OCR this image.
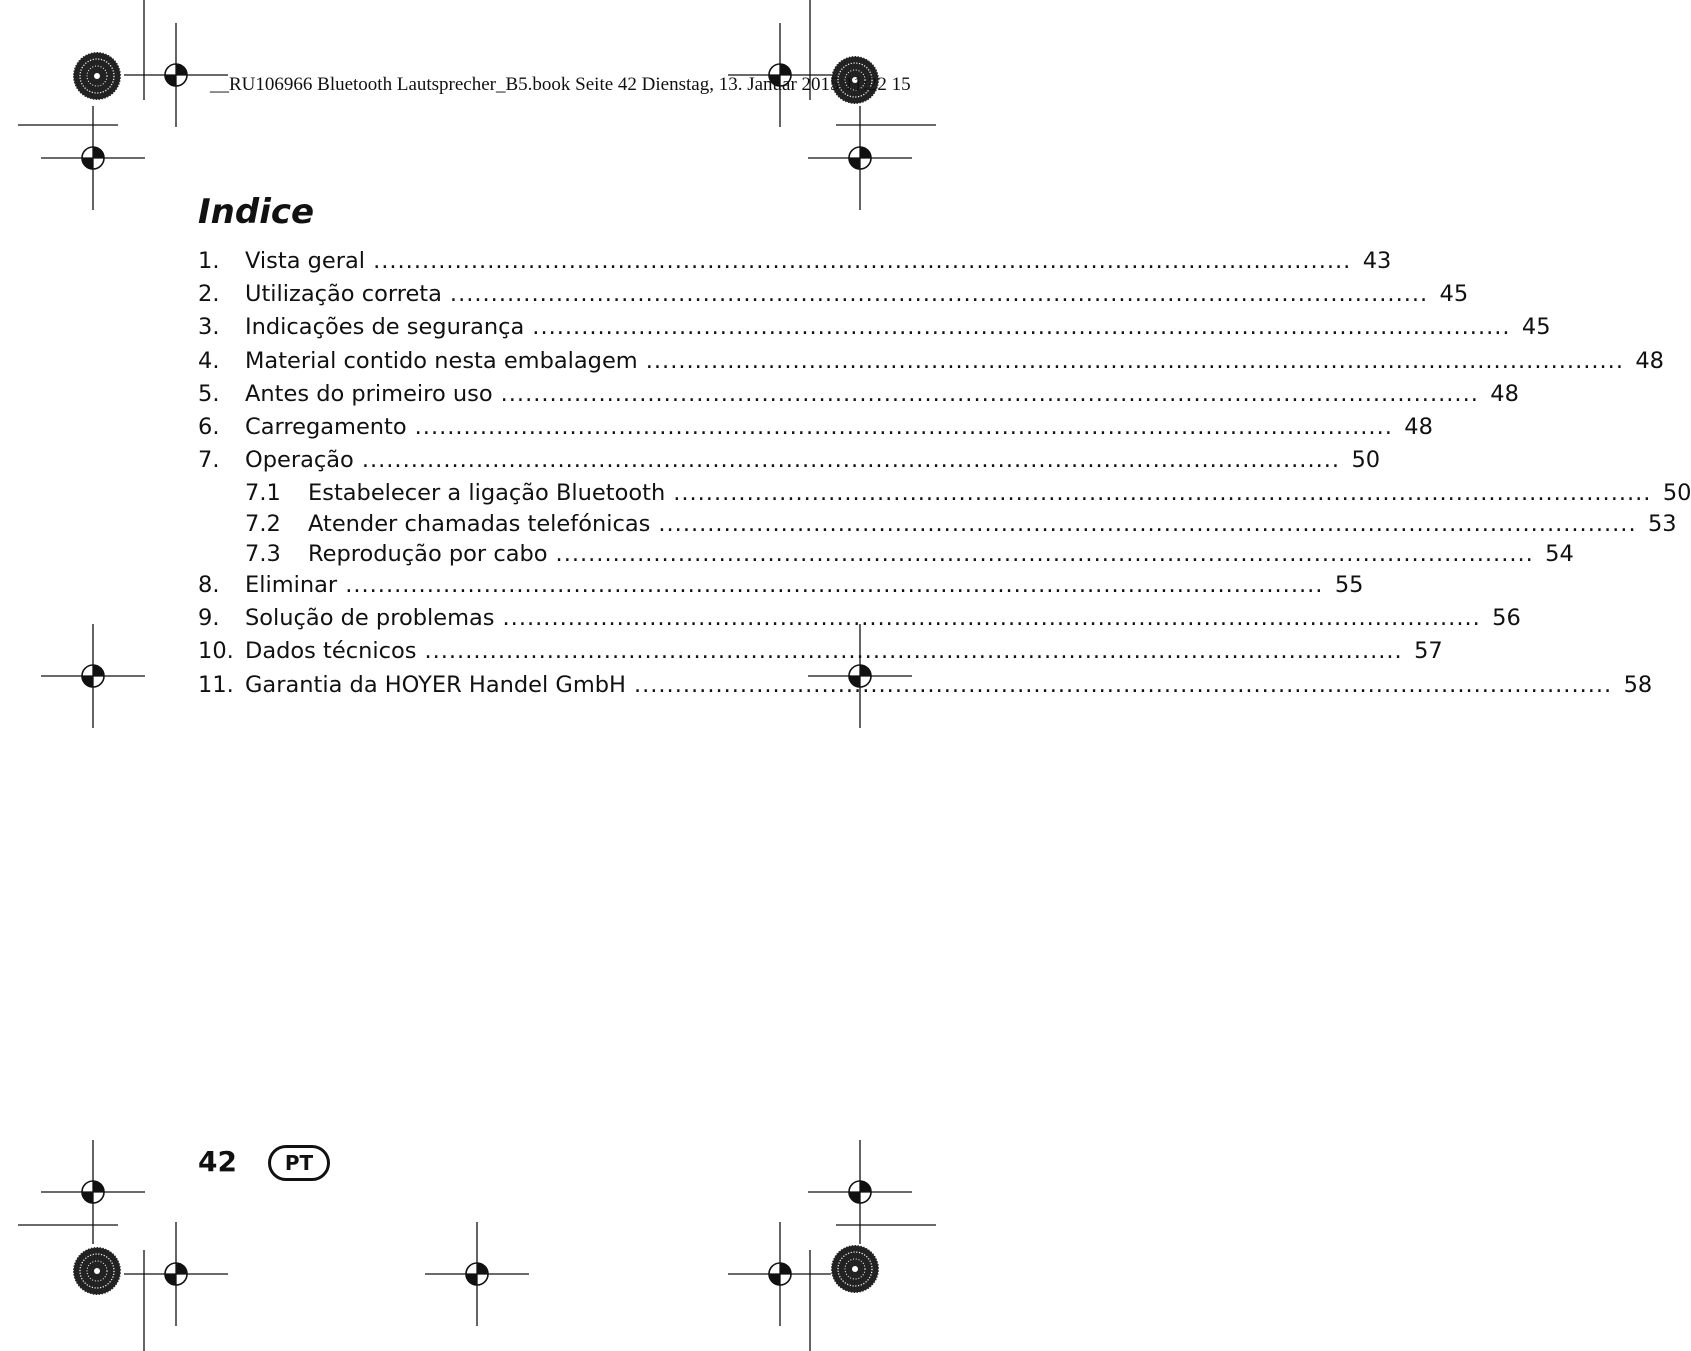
__RU106966 Bluetooth Lautsprecher_B5.book Seite 42 Dienstag, 13. Januar 2015 11:22 15
Indice
1.	Vista geral ........................................................................................................................ 43
2.	Utilização correta ........................................................................................................................ 45
3.	Indicações de segurança ........................................................................................................................ 45
4.	Material contido nesta embalagem ........................................................................................................................ 48
5.	Antes do primeiro uso ........................................................................................................................ 48
6.	Carregamento ........................................................................................................................ 48
7.	Operação ........................................................................................................................ 50
7.1	Estabelecer a ligação Bluetooth ........................................................................................................................ 50
7.2	Atender chamadas telefónicas ........................................................................................................................ 53
7.3	Reprodução por cabo ........................................................................................................................ 54
8.	Eliminar ........................................................................................................................ 55
9.	Solução de problemas ........................................................................................................................ 56
10. Dados técnicos ........................................................................................................................ 57
11. Garantia da HOYER Handel GmbH ........................................................................................................................ 58
42	PT
